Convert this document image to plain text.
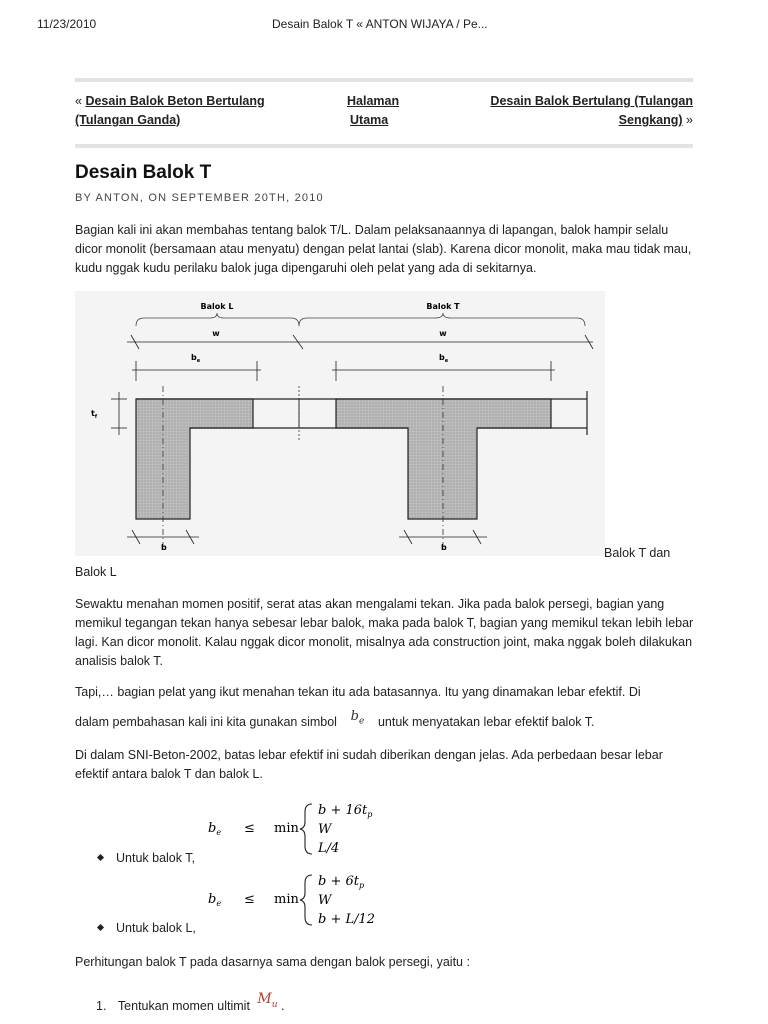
11/23/2010	Desain Balok T « ANTON WIJAYA / Pe...
« Desain Balok Beton Bertulang (Tulangan Ganda)
Halaman
Utama
Desain Balok Bertulang (Tulangan Sengkang) »
Desain Balok T
BY ANTON, ON SEPTEMBER 20TH, 2010

Bagian kali ini akan membahas tentang balok T/L. Dalam pelaksanaannya di lapangan, balok hampir selalu dicor monolit (bersamaan atau menyatu) dengan pelat lantai (slab). Karena dicor monolit, maka mau tidak mau, kudu nggak kudu perilaku balok juga dipengaruhi oleh pelat yang ada di sekitarnya.

Balok L	Balok T
w	w
$b_e$	$b_e$
$t_f$
b	b	Balok T dan
Balok L

Sewaktu menahan momen positif, serat atas akan mengalami tekan. Jika pada balok persegi, bagian yang memikul tegangan tekan hanya sebesar lebar balok, maka pada balok T, bagian yang memikul tekan lebih lebar lagi. Kan dicor monolit. Kalau nggak dicor monolit, misalnya ada construction joint, maka nggak boleh dilakukan analisis balok T.

Tapi,… bagian pelat yang ikut menahan tekan itu ada batasannya. Itu yang dinamakan lebar efektif. Di

dalam pembahasan kali ini kita gunakan simbol $b_e$ untuk menyatakan lebar efektif balok T.

Di dalam SNI-Beton-2002, batas lebar efektif ini sudah diberikan dengan jelas. Ada perbedaan besar lebar efektif antara balok T dan balok L.

$b_e \le \min$
$b + 16t_p$
W
L/4
Untuk balok T,
$b_e \le \min$
$b + 6t_p$
W
b + L/12
Untuk balok L,

Perhitungan balok T pada dasarnya sama dengan balok persegi, yaitu :

1. Tentukan momen ultimit $M_u$ .
